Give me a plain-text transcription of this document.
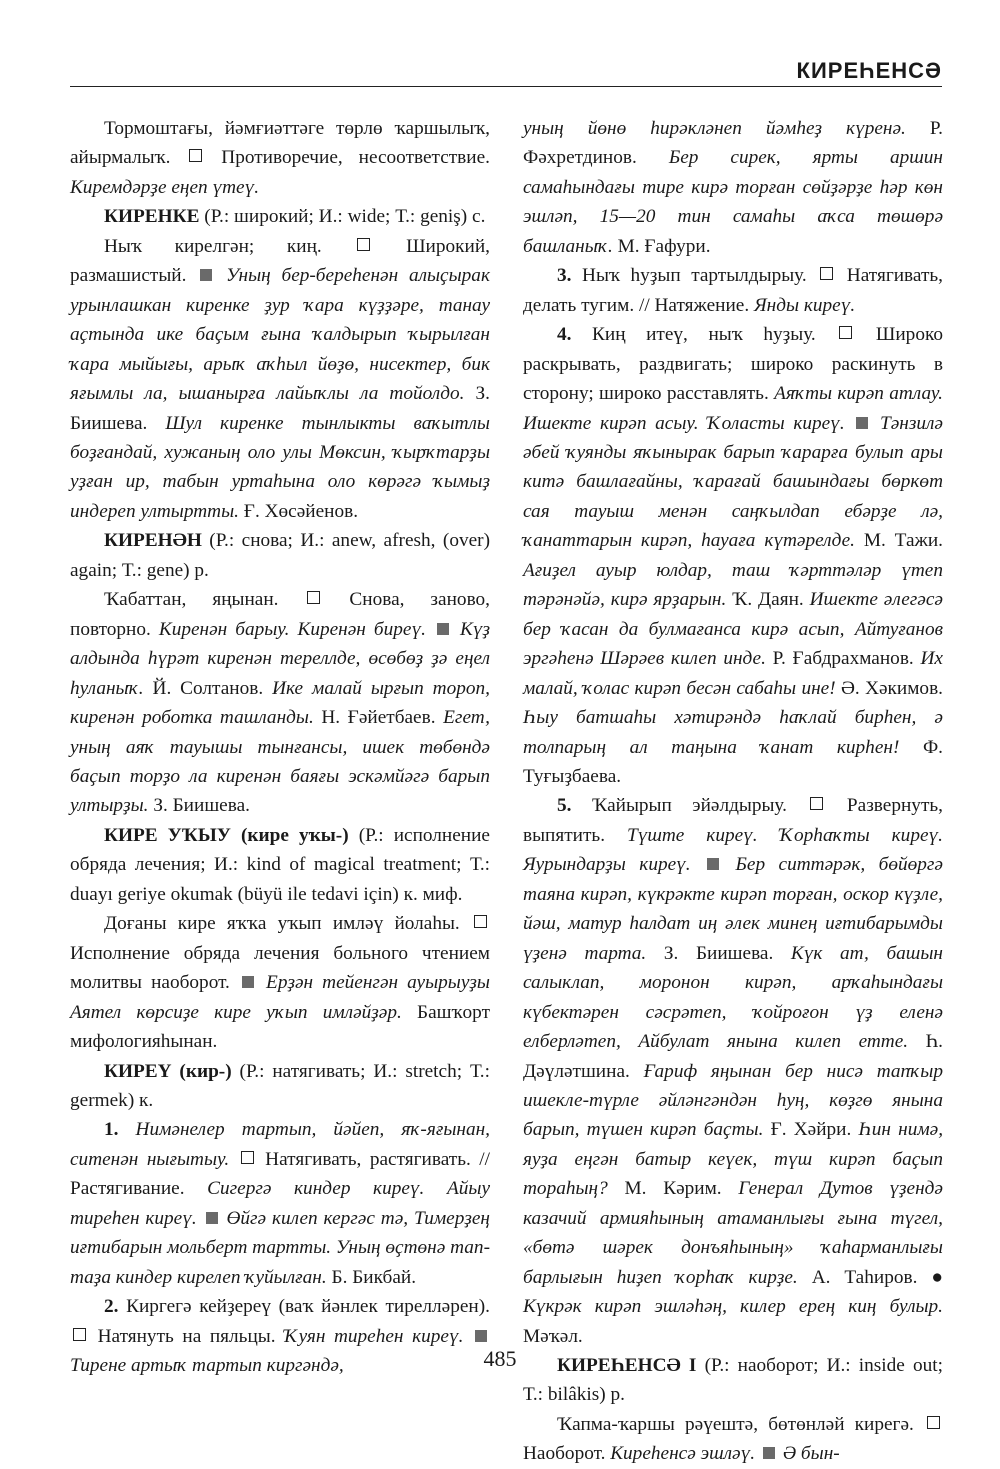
КИРЕҺЕНСӘ

Тормоштағы, йәмғиәттәге төрлө ҡаршылыҡ, айырмалыҡ.	Противоречие, несоответствие. Киремдәрҙе еңеп үтеү.

КИРЕНКЕ (Р.: широкий; И.: wide; Т.: geniş) с.

Ныҡ кирелгән; киң.	Широкий, размашистый. Уның бер-береһенән алыҫырак урынлашкан киренке ҙур ҡара күҙҙәре, танау аҫтында ике баҫым ғына ҡалдырып ҡырылған ҡара мыйығы, арыҡ аҡһыл йөҙө, нисектер, бик яғымлы ла, ышанырға лайыҡлы ла тойолдо. З. Биишева. Шул киренке тынлыкты ваҡытлы боҙғандай, хужаның оло улы Мөксин, ҡырҡтарҙы уҙған ир, табын уртаһына оло көрәгә ҡымыҙ индереп ултыртты. Ғ. Хөсәйенов.

КИРЕНӘН (Р.: снова; И.: anew, afresh, (over) again; Т.: gene) р.

Ҡабаттан, яңынан.	Снова, заново, повторно. Киренән барыу. Киренән биреү. Күҙ алдында һүрәт киренән тереллде, өсөбөҙ ҙә еңел һуланыҡ. Й. Солтанов. Ике малай ырғып тороп, киренән роботка ташланды. Н. Ғәйетбаев. Егет, уның аяҡ тауышы тынғансы, ишек төбөндә баҫып торҙо ла киренән баяғы эскәмйәгә барып ултырҙы. З. Биишева.

КИРЕ УҠЫУ (кире уҡы-) (Р.: исполнение обряда лечения; И.: kind of magical treatment; Т.: duayı geriye okumak (büyü ile tedavi için) к. миф.

Доғаны кире яҡҡа уҡып имләү йолаһы.  Исполнение обряда лечения больного чтением молитвы наоборот. Ерҙән тейенгән ауырыуҙы Аятел көрсиҙе кире уҡып имләйҙәр. Башҡорт мифологияһынан.

КИРЕҮ (кир-) (Р.: натягивать; И.: stretch; Т.: germek) к.

1. Нимәнелер тартып, йәйеп, яҡ-яғынан, ситенән нығытыу. Натягивать, растягивать. // Растягивание. Сигергә киндер киреү. Айыу тиреһен киреү. Өйгә килеп кергәс тә, Тимерҙең иғтибарын мольберт тартты. Уның өҫтөнә тап-таҙа киндер кирелеп ҡуйылған. Б. Бикбай.

2. Киргегә кейҙереү (ваҡ йәнлек тирелләрен).  Натянуть на пяльцы. Ҡуян тиреһен киреү.  Тирене артыҡ тартып киргәндә,

уның йөнө һирәкләнеп йәмһеҙ күренә. Р. Фәхретдинов. Бер сирек, ярты аршин самаһындағы тире кирә торған сөйҙәрҙе һәр көн эшләп, 15—20 тин самаһы аҡса төшөрә башланыҡ. М. Ғафури.

3. Ныҡ һуҙып тартылдырыу. Натягивать, делать тугим. // Натяжение. Янды киреү.

4. Киң итеү, ныҡ һуҙыу.	Широко раскрывать, раздвигать; широко раскинуть в сторону; широко расставлять. Аяҡты кирәп атлау. Ишекте кирәп асыу. Ҡоласты киреү. Тәнзилә әбей ҡуянды яҡынырак барып ҡарарға булып ары китә башлағайны, ҡарағай башындағы бөркөт сая тауыш менән саңҡылдап ебәрҙе лә, ҡанаттарын кирәп, һауаға күтәрелде. М. Тажи. Ағиҙел ауыр юлдар, таш ҡәрттәләр үтеп тәрәнәйә, кирә ярҙарын. Ҡ. Даян. Ишекте әлегәсә бер ҡасан да булмағанса кирә асып, Айтуғанов эргәһенә Шәрәев килеп инде. Р. Ғабдрахманов. Их малай, ҡолас кирәп бесән сабаһы ине! Ә. Хәкимов. Һыу батшаһы хәтирәндә һаҡлай бирһен, ә толпарың ал таңына ҡанат кирһен! Ф. Туғыҙбаева.

5. Ҡайырып эйәлдырыу.	Развернуть, выпятить. Түште киреү. Ҡорһаҡты киреү. Яурындарҙы киреү. Бер ситтәрәк, бөйөргә таяна кирәп, күкрәкте кирәп торған, оскор күҙле, йәш, матур һалдат иң әлек минең иғтибарымды үҙенә тарта. З. Биишева. Күк ат, башын салыклап, моронон кирәп, арҡаһындағы күбектәрен сәсрәтеп, ҡойроғон үҙ еленә елберләтеп, Айбулат янына килеп етте. Һ. Дәүләтшина. Ғариф яңынан бер нисә тапҡыр ишекле-түрле әйләнгәндән һуң, көҙгө янына барып, түшен кирәп баҫты. Ғ. Хәйри. Һин нимә, яуҙа еңгән батыр кеүек, түш кирәп баҫып тораһың? М. Кәрим. Генерал Дутов үҙендә казачий армияһының атаманлығы ғына түгел, «бөтә шәрек донъяһының» ҡаһарманлығы барлығын һиҙеп ҡорһаҡ кирҙе. А. Таһиров. ● Күкрәк кирәп эшләһәң, килер ерең киң булыр. Мәҡәл.

КИРЕҺЕНСӘ I (Р.: наоборот; И.: inside out; Т.: bilâkis) р.

Ҡапма-ҡаршы рәүештә, бөтөнләй кирегә.  Наоборот. Киреһенсә эшләү. Ә бын-

485
